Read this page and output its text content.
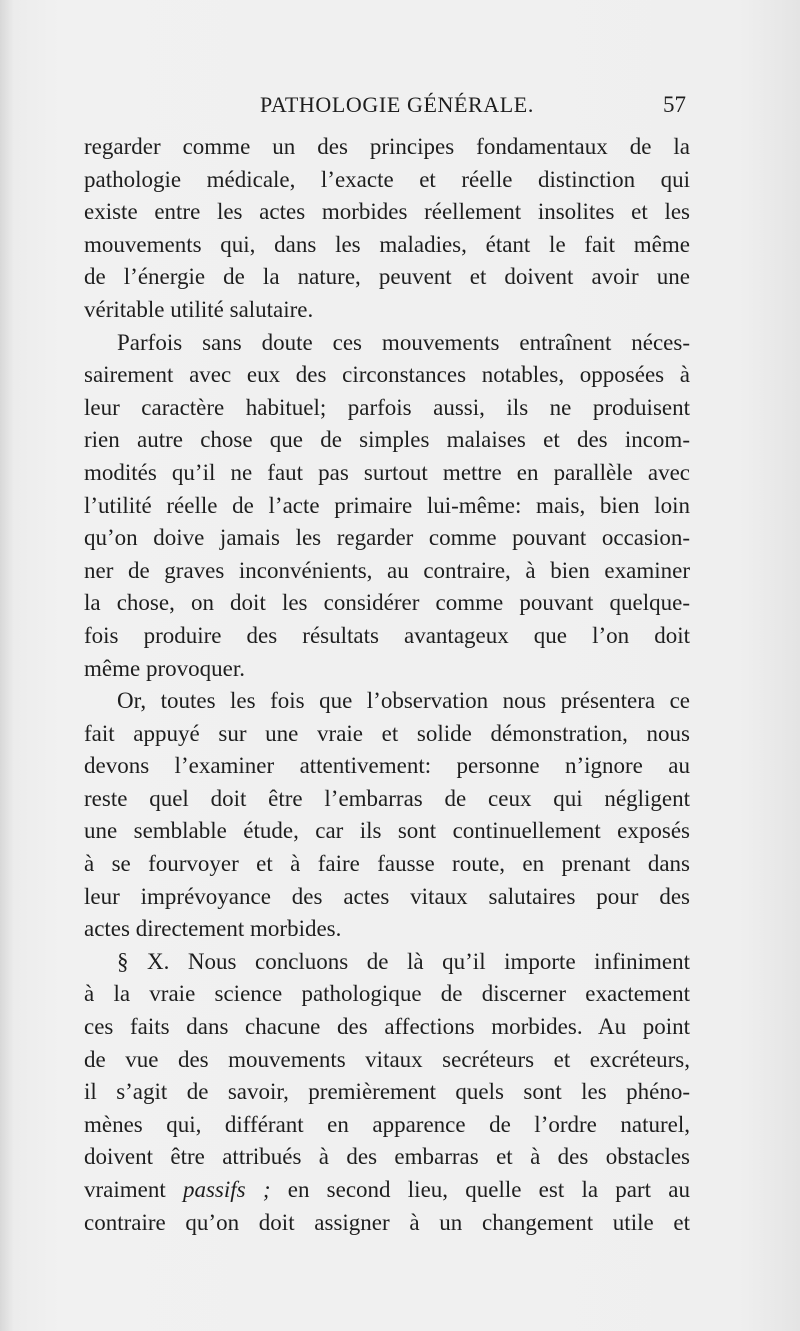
PATHOLOGIE GÉNÉRALE.	57
regarder comme un des principes fondamentaux de la
pathologie médicale, l’exacte et réelle distinction qui
existe entre les actes morbides réellement insolites et les
mouvements qui, dans les maladies, étant le fait même
de l’énergie de la nature, peuvent et doivent avoir une
véritable utilité salutaire.
Parfois sans doute ces mouvements entraînent néces-
sairement avec eux des circonstances notables, opposées à
leur caractère habituel; parfois aussi, ils ne produisent
rien autre chose que de simples malaises et des incom-
modités qu’il ne faut pas surtout mettre en parallèle avec
l’utilité réelle de l’acte primaire lui-même: mais, bien loin
qu’on doive jamais les regarder comme pouvant occasion-
ner de graves inconvénients, au contraire, à bien examiner
la chose, on doit les considérer comme pouvant quelque-
fois produire des résultats avantageux que l’on doit
même provoquer.
Or, toutes les fois que l’observation nous présentera ce
fait appuyé sur une vraie et solide démonstration, nous
devons l’examiner attentivement: personne n’ignore au
reste quel doit être l’embarras de ceux qui négligent
une semblable étude, car ils sont continuellement exposés
à se fourvoyer et à faire fausse route, en prenant dans
leur imprévoyance des actes vitaux salutaires pour des
actes directement morbides.
§ X. Nous concluons de là qu’il importe infiniment
à la vraie science pathologique de discerner exactement
ces faits dans chacune des affections morbides. Au point
de vue des mouvements vitaux secréteurs et excréteurs,
il s’agit de savoir, premièrement quels sont les phéno-
mènes qui, différant en apparence de l’ordre naturel,
doivent être attribués à des embarras et à des obstacles
vraiment passifs ; en second lieu, quelle est la part au
contraire qu’on doit assigner à un changement utile et
